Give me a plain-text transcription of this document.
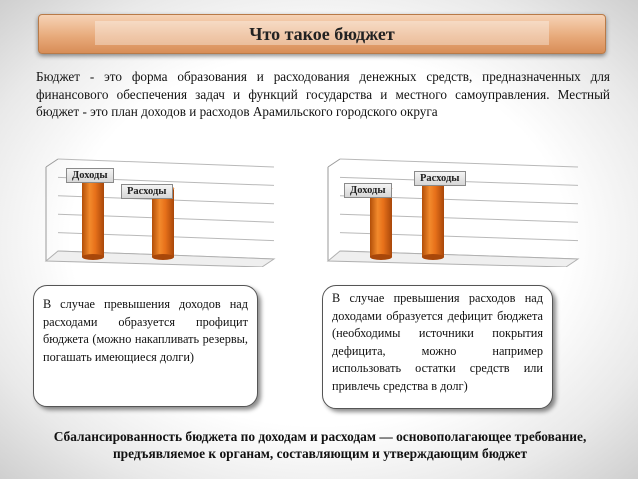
Что такое бюджет
Бюджет - это форма образования и расходования денежных средств, предназначенных для финансового обеспечения задач и функций государства и местного самоуправления. Местный бюджет - это план доходов и расходов Арамильского городского округа
Доходы
Расходы	Доходы
Расходы
В случае превышения доходов над расходами образуется профицит бюджета (можно накапливать резервы, погашать имеющиеся долги)
В случае превышения расходов над доходами образуется дефицит бюджета (необходимы источники покрытия дефицита, можно например использовать остатки средств или привлечь средства в долг)
Сбалансированность бюджета по доходам и расходам — основополагающее требование, предъявляемое к органам, составляющим и утверждающим бюджет
